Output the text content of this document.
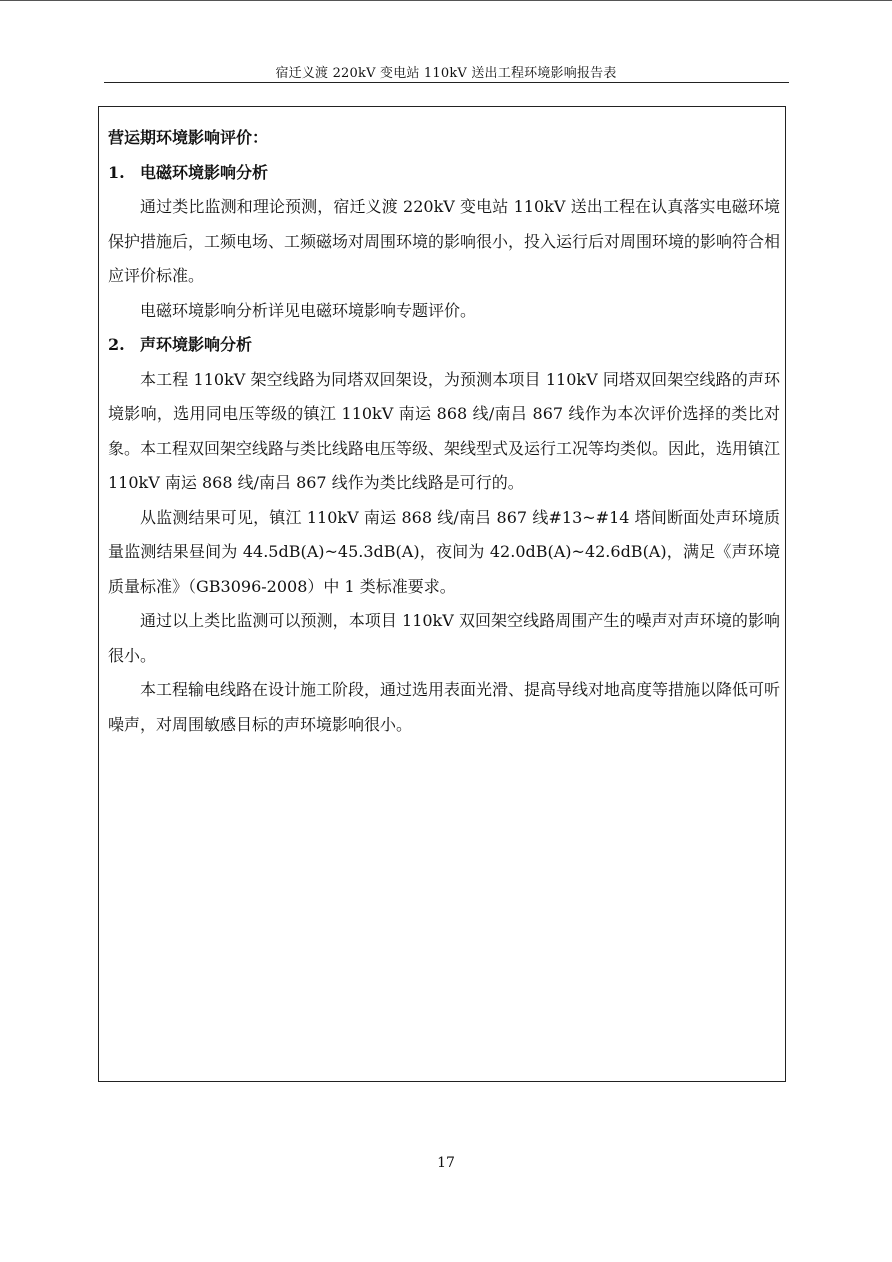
宿迁义渡 220kV 变电站 110kV 送出工程环境影响报告表
营运期环境影响评价：
1. 电磁环境影响分析

通过类比监测和理论预测，宿迁义渡 220kV 变电站 110kV 送出工程在认真落实电磁环境保护措施后，工频电场、工频磁场对周围环境的影响很小，投入运行后对周围环境的影响符合相应评价标准。

电磁环境影响分析详见电磁环境影响专题评价。

2. 声环境影响分析

本工程 110kV 架空线路为同塔双回架设，为预测本项目 110kV 同塔双回架空线路的声环境影响，选用同电压等级的镇江 110kV 南运 868 线/南吕 867 线作为本次评价选择的类比对象。本工程双回架空线路与类比线路电压等级、架线型式及运行工况等均类似。因此，选用镇江 110kV 南运 868 线/南吕 867 线作为类比线路是可行的。

从监测结果可见，镇江 110kV 南运 868 线/南吕 867 线#13~#14 塔间断面处声环境质量监测结果昼间为 44.5dB(A)~45.3dB(A)，夜间为 42.0dB(A)~42.6dB(A)，满足《声环境质量标准》（GB3096-2008）中 1 类标准要求。

通过以上类比监测可以预测，本项目 110kV 双回架空线路周围产生的噪声对声环境的影响很小。

本工程输电线路在设计施工阶段，通过选用表面光滑、提高导线对地高度等措施以降低可听噪声，对周围敏感目标的声环境影响很小。

17
